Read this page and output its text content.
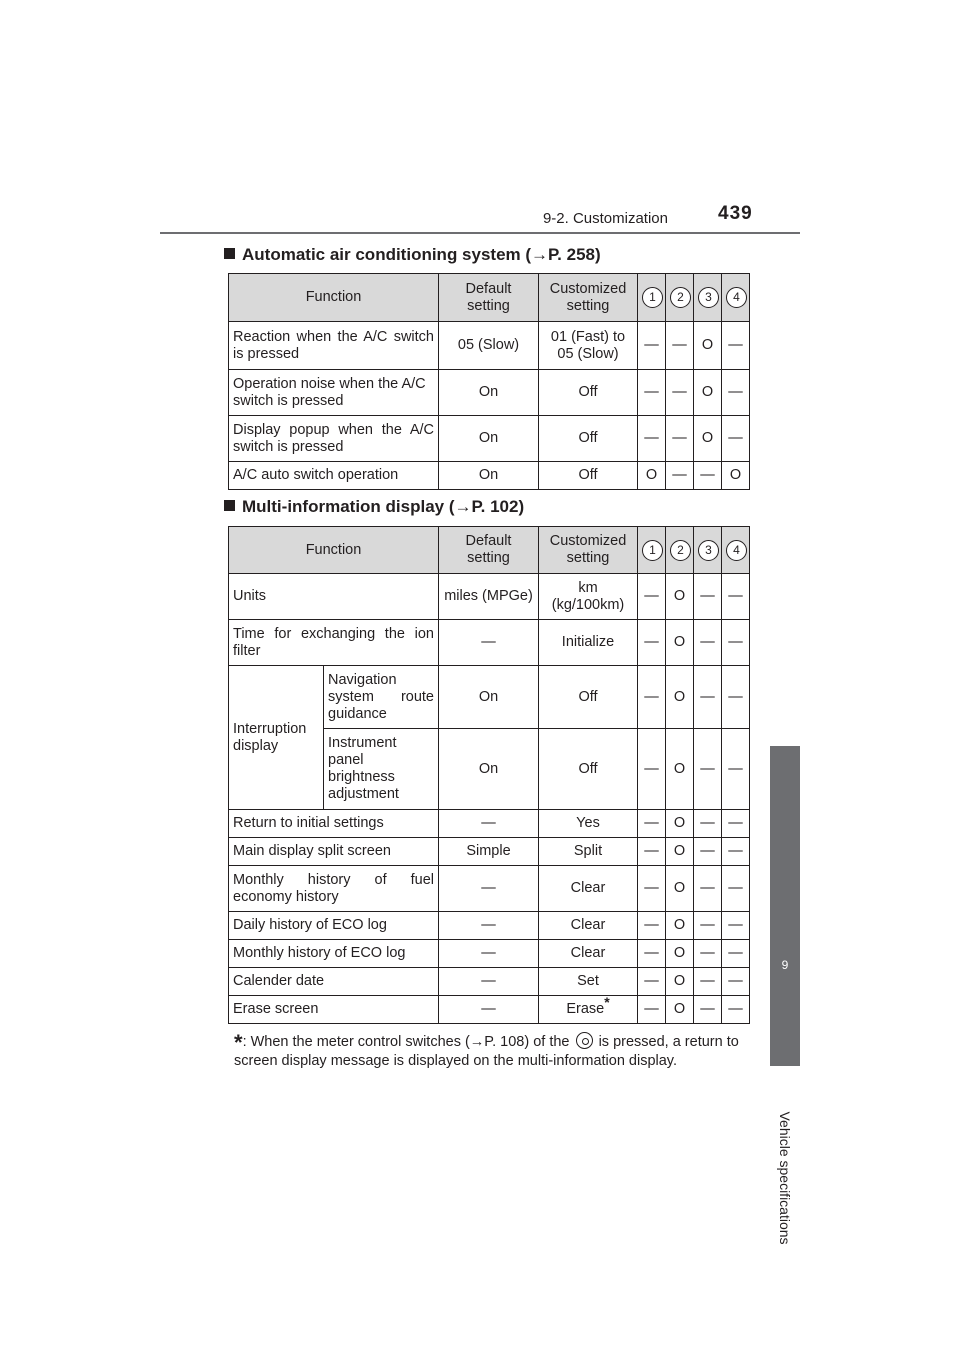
9-2. Customization	439
9
Vehicle specifications
Automatic air conditioning system (→P. 258)
Function	Default setting	Customized setting	1	2	3	4
Reaction when the A/C switch is pressed	05 (Slow)	01 (Fast) to 05 (Slow)	—	—	O	—
Operation noise when the A/C switch is pressed	On	Off	—	—	O	—
Display popup when the A/C switch is pressed	On	Off	—	—	O	—
A/C auto switch operation	On	Off	O	—	—	O
Multi-information display (→P. 102)
Function		Default setting	Customized setting	1	2	3	4
Units		miles (MPGe)	km (kg/100km)	—	O	—	—
Time for exchanging the ion filter		—	Initialize	—	O	—	—
Interruption display	Navigation system route guidance	On	Off	—	O	—	—
	Instrument panel brightness adjustment	On	Off	—	O	—	—
Return to initial settings		—	Yes	—	O	—	—
Main display split screen		Simple	Split	—	O	—	—
Monthly history of fuel economy history		—	Clear	—	O	—	—
Daily history of ECO log		—	Clear	—	O	—	—
Monthly history of ECO log		—	Clear	—	O	—	—
Calender date		—	Set	—	O	—	—
Erase screen		—	Erase*	—	O	—	—
*: When the meter control switches (→P. 108) of the is pressed, a return to screen display message is displayed on the multi-information display.
